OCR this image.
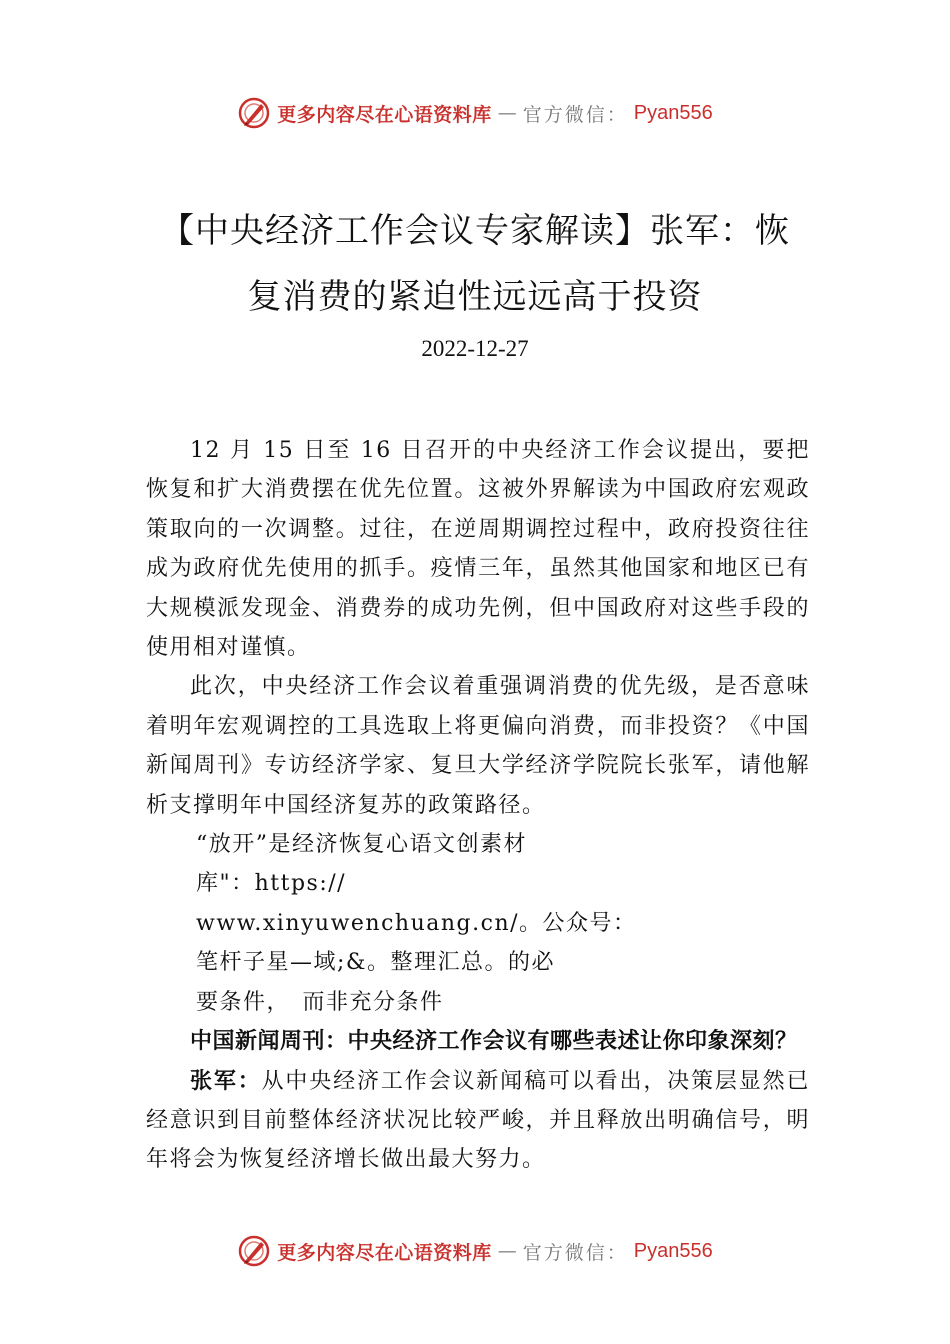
更多内容尽在心语资料库 — 官方微信： Pyan556
【中央经济工作会议专家解读】张军：恢
复消费的紧迫性远远高于投资
2022-12-27

12 月 15 日至 16 日召开的中央经济工作会议提出，要把恢复和扩大消费摆在优先位置。这被外界解读为中国政府宏观政策取向的一次调整。过往，在逆周期调控过程中，政府投资往往成为政府优先使用的抓手。疫情三年，虽然其他国家和地区已有大规模派发现金、消费券的成功先例，但中国政府对这些手段的使用相对谨慎。

此次，中央经济工作会议着重强调消费的优先级，是否意味着明年宏观调控的工具选取上将更偏向消费，而非投资？《中国新闻周刊》专访经济学家、复旦大学经济学院院长张军，请他解析支撑明年中国经济复苏的政策路径。

“放开”是经济恢复心语文创素材
库"：https://
www.xinyuwenchuang.cn/。公众号：
笔杆子星—域;&。整理汇总。的必
要条件，　而非充分条件

中国新闻周刊：中央经济工作会议有哪些表述让你印象深刻？

张军：从中央经济工作会议新闻稿可以看出，决策层显然已经意识到目前整体经济状况比较严峻，并且释放出明确信号，明年将会为恢复经济增长做出最大努力。

更多内容尽在心语资料库 — 官方微信： Pyan556
